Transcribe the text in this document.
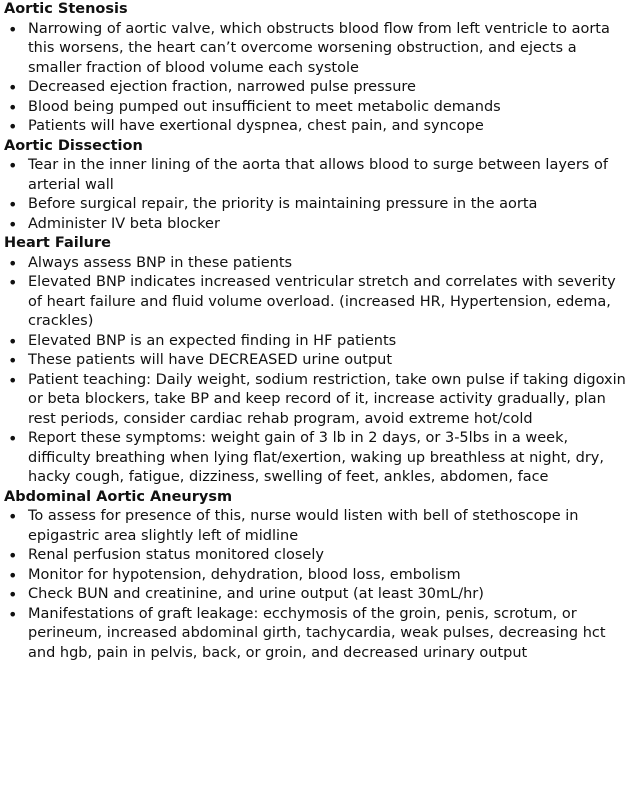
Aortic Stenosis
• Narrowing of aortic valve, which obstructs blood flow from left ventricle to aorta this worsens, the heart can’t overcome worsening obstruction, and ejects a smaller fraction of blood volume each systole
• Decreased ejection fraction, narrowed pulse pressure
• Blood being pumped out insufficient to meet metabolic demands
• Patients will have exertional dyspnea, chest pain, and syncope
Aortic Dissection
• Tear in the inner lining of the aorta that allows blood to surge between layers of arterial wall
• Before surgical repair, the priority is maintaining pressure in the aorta
• Administer IV beta blocker
Heart Failure
• Always assess BNP in these patients
• Elevated BNP indicates increased ventricular stretch and correlates with severity of heart failure and fluid volume overload. (increased HR, Hypertension, edema, crackles)
• Elevated BNP is an expected finding in HF patients
• These patients will have DECREASED urine output
• Patient teaching: Daily weight, sodium restriction, take own pulse if taking digoxin or beta blockers, take BP and keep record of it, increase activity gradually, plan rest periods, consider cardiac rehab program, avoid extreme hot/cold
• Report these symptoms: weight gain of 3 lb in 2 days, or 3-5lbs in a week, difficulty breathing when lying flat/exertion, waking up breathless at night, dry, hacky cough, fatigue, dizziness, swelling of feet, ankles, abdomen, face
Abdominal Aortic Aneurysm
• To assess for presence of this, nurse would listen with bell of stethoscope in epigastric area slightly left of midline
• Renal perfusion status monitored closely
• Monitor for hypotension, dehydration, blood loss, embolism
• Check BUN and creatinine, and urine output (at least 30mL/hr)
• Manifestations of graft leakage: ecchymosis of the groin, penis, scrotum, or perineum, increased abdominal girth, tachycardia, weak pulses, decreasing hct and hgb, pain in pelvis, back, or groin, and decreased urinary output
